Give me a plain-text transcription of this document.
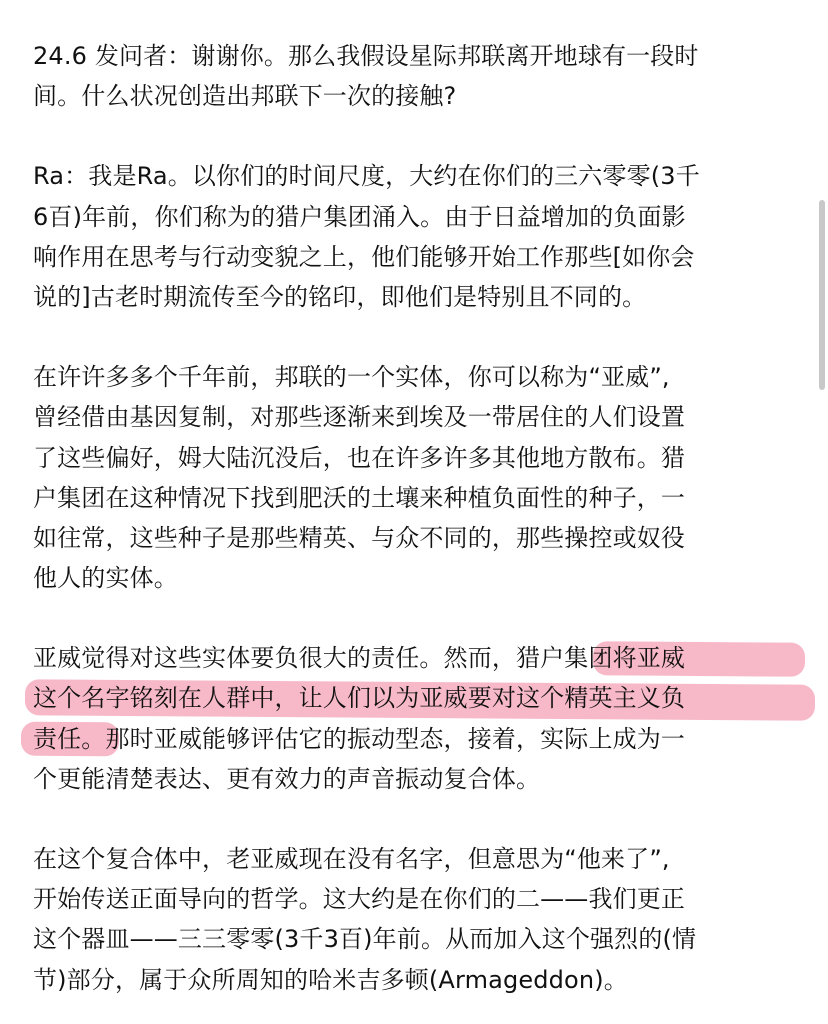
24.6 发问者：谢谢你。那么我假设星际邦联离开地球有一段时
间。什么状况创造出邦联下一次的接触?

Ra：我是Ra。以你们的时间尺度，大约在你们的三六零零(3千
6百)年前，你们称为的猎户集团涌入。由于日益增加的负面影
响作用在思考与行动变貌之上，他们能够开始工作那些[如你会
说的]古老时期流传至今的铭印，即他们是特别且不同的。

在许许多多个千年前，邦联的一个实体，你可以称为“亚威”,
曾经借由基因复制，对那些逐渐来到埃及一带居住的人们设置
了这些偏好，姆大陆沉没后，也在许多许多其他地方散布。猎
户集团在这种情况下找到肥沃的土壤来种植负面性的种子，一
如往常，这些种子是那些精英、与众不同的，那些操控或奴役
他人的实体。

亚威觉得对这些实体要负很大的责任。然而，猎户集团将亚威
这个名字铭刻在人群中，让人们以为亚威要对这个精英主义负
责任。那时亚威能够评估它的振动型态，接着，实际上成为一
个更能清楚表达、更有效力的声音振动复合体。

在这个复合体中，老亚威现在没有名字，但意思为“他来了”,
开始传送正面导向的哲学。这大约是在你们的二——我们更正
这个器皿——三三零零(3千3百)年前。从而加入这个强烈的(情
节)部分，属于众所周知的哈米吉多顿(Armageddon)。
